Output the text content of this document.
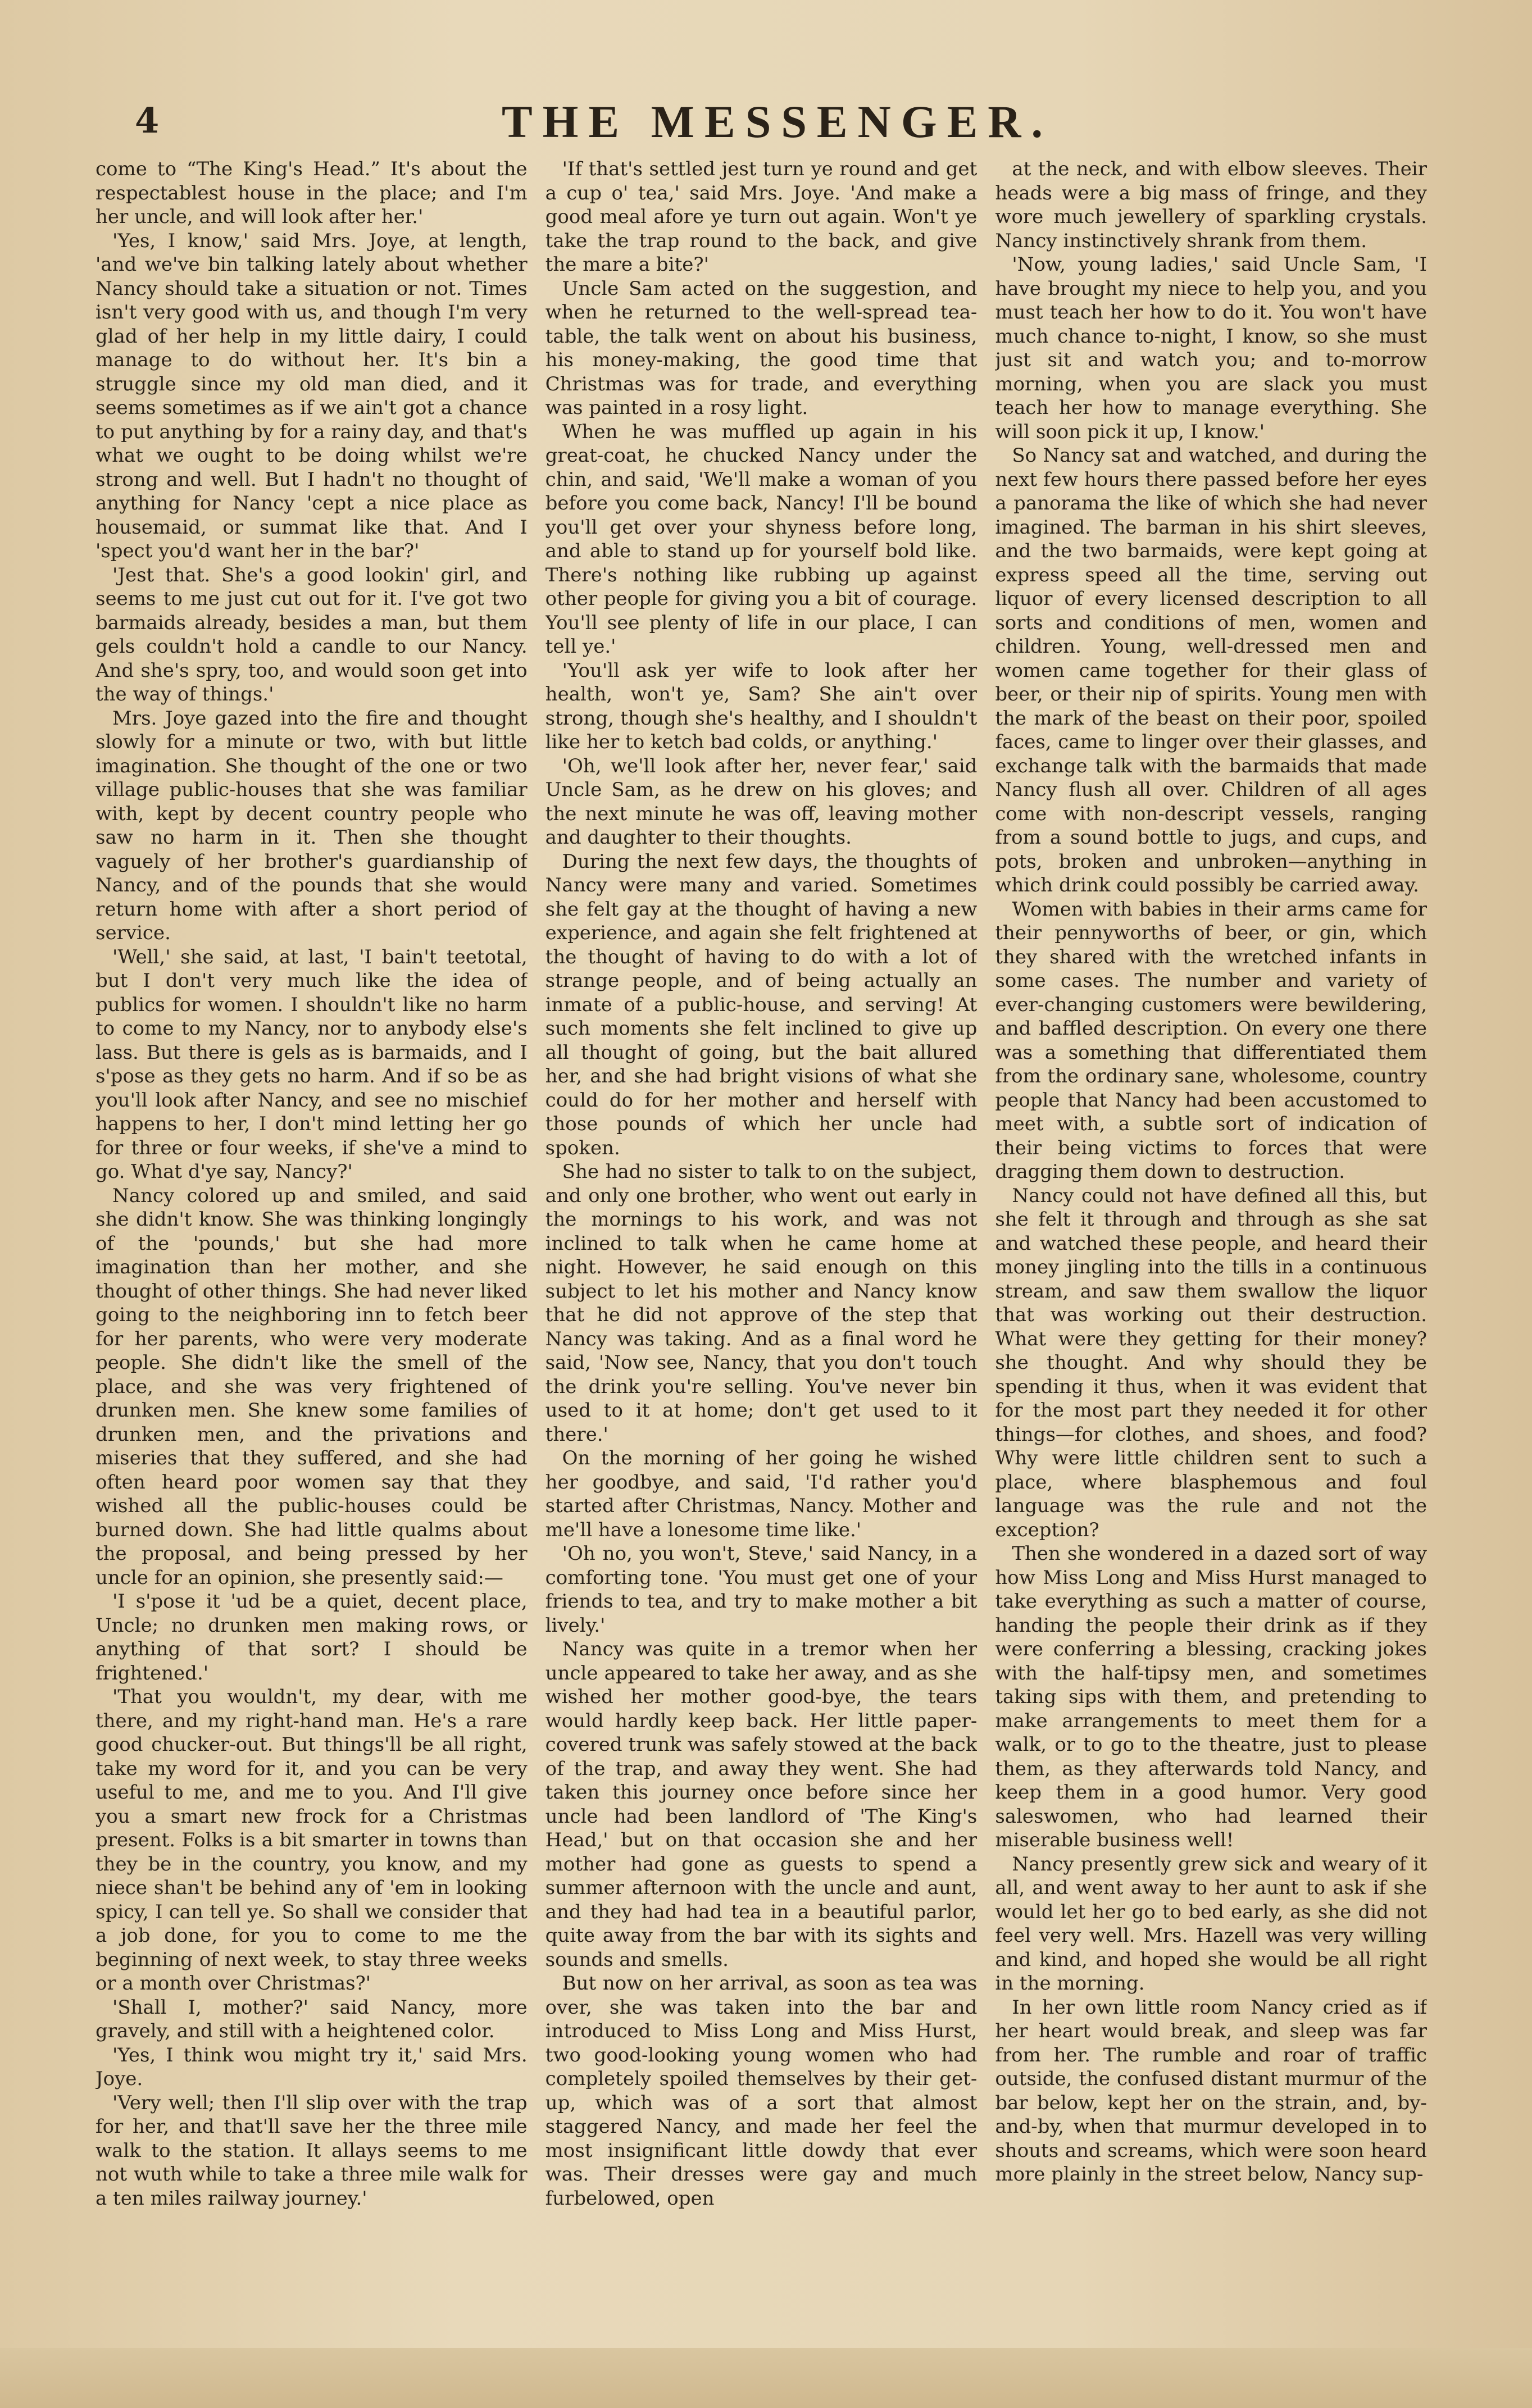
4	THE MESSENGER.

come to “The King's Head.” It's about the respectablest house in the place; and I'm her uncle, and will look after her.'

'Yes, I know,' said Mrs. Joye, at length, 'and we've bin talking lately about whether Nancy should take a situation or not. Times isn't very good with us, and though I'm very glad of her help in my little dairy, I could manage to do without her. It's bin a struggle since my old man died, and it seems sometimes as if we ain't got a chance to put anything by for a rainy day, and that's what we ought to be doing whilst we're strong and well. But I hadn't no thought of anything for Nancy 'cept a nice place as housemaid, or summat like that. And I 'spect you'd want her in the bar?'

'Jest that. She's a good lookin' girl, and seems to me just cut out for it. I've got two barmaids already, besides a man, but them gels couldn't hold a candle to our Nancy. And she's spry, too, and would soon get into the way of things.'

Mrs. Joye gazed into the fire and thought slowly for a minute or two, with but little imagination. She thought of the one or two village public-houses that she was familiar with, kept by decent country people who saw no harm in it. Then she thought vaguely of her brother's guardianship of Nancy, and of the pounds that she would return home with after a short period of service.

'Well,' she said, at last, 'I bain't teetotal, but I don't very much like the idea of publics for women. I shouldn't like no harm to come to my Nancy, nor to anybody else's lass. But there is gels as is barmaids, and I s'pose as they gets no harm. And if so be as you'll look after Nancy, and see no mischief happens to her, I don't mind letting her go for three or four weeks, if she've a mind to go. What d'ye say, Nancy?'

Nancy colored up and smiled, and said she didn't know. She was thinking longingly of the 'pounds,' but she had more imagination than her mother, and she thought of other things. She had never liked going to the neighboring inn to fetch beer for her parents, who were very moderate people. She didn't like the smell of the place, and she was very frightened of drunken men. She knew some families of drunken men, and the privations and miseries that they suffered, and she had often heard poor women say that they wished all the public-houses could be burned down. She had little qualms about the proposal, and being pressed by her uncle for an opinion, she presently said:—

'I s'pose it 'ud be a quiet, decent place, Uncle; no drunken men making rows, or anything of that sort? I should be frightened.'

'That you wouldn't, my dear, with me there, and my right-hand man. He's a rare good chucker-out. But things'll be all right, take my word for it, and you can be very useful to me, and me to you. And I'll give you a smart new frock for a Christmas present. Folks is a bit smarter in towns than they be in the country, you know, and my niece shan't be behind any of 'em in looking spicy, I can tell ye. So shall we consider that a job done, for you to come to me the beginning of next week, to stay three weeks or a month over Christmas?'

'Shall I, mother?' said Nancy, more gravely, and still with a heightened color.

'Yes, I think wou might try it,' said Mrs. Joye.

'Very well; then I'll slip over with the trap for her, and that'll save her the three mile walk to the station. It allays seems to me not wuth while to take a three mile walk for a ten miles railway journey.'

'If that's settled jest turn ye round and get a cup o' tea,' said Mrs. Joye. 'And make a good meal afore ye turn out again. Won't ye take the trap round to the back, and give the mare a bite?'

Uncle Sam acted on the suggestion, and when he returned to the well-spread tea-table, the talk went on about his business, his money-making, the good time that Christmas was for trade, and everything was painted in a rosy light.

When he was muffled up again in his great-coat, he chucked Nancy under the chin, and said, 'We'll make a woman of you before you come back, Nancy! I'll be bound you'll get over your shyness before long, and able to stand up for yourself bold like. There's nothing like rubbing up against other people for giving you a bit of courage. You'll see plenty of life in our place, I can tell ye.'

'You'll ask yer wife to look after her health, won't ye, Sam? She ain't over strong, though she's healthy, and I shouldn't like her to ketch bad colds, or anything.'

'Oh, we'll look after her, never fear,' said Uncle Sam, as he drew on his gloves; and the next minute he was off, leaving mother and daughter to their thoughts.

During the next few days, the thoughts of Nancy were many and varied. Sometimes she felt gay at the thought of having a new experience, and again she felt frightened at the thought of having to do with a lot of strange people, and of being actually an inmate of a public-house, and serving! At such moments she felt inclined to give up all thought of going, but the bait allured her, and she had bright visions of what she could do for her mother and herself with those pounds of which her uncle had spoken.

She had no sister to talk to on the subject, and only one brother, who went out early in the mornings to his work, and was not inclined to talk when he came home at night. However, he said enough on this subject to let his mother and Nancy know that he did not approve of the step that Nancy was taking. And as a final word he said, 'Now see, Nancy, that you don't touch the drink you're selling. You've never bin used to it at home; don't get used to it there.'

On the morning of her going he wished her goodbye, and said, 'I'd rather you'd started after Christmas, Nancy. Mother and me'll have a lonesome time like.'

'Oh no, you won't, Steve,' said Nancy, in a comforting tone. 'You must get one of your friends to tea, and try to make mother a bit lively.'

Nancy was quite in a tremor when her uncle appeared to take her away, and as she wished her mother good-bye, the tears would hardly keep back. Her little paper-covered trunk was safely stowed at the back of the trap, and away they went. She had taken this journey once before since her uncle had been landlord of 'The King's Head,' but on that occasion she and her mother had gone as guests to spend a summer afternoon with the uncle and aunt, and they had had tea in a beautiful parlor, quite away from the bar with its sights and sounds and smells.

But now on her arrival, as soon as tea was over, she was taken into the bar and introduced to Miss Long and Miss Hurst, two good-looking young women who had completely spoiled themselves by their get-up, which was of a sort that almost staggered Nancy, and made her feel the most insignificant little dowdy that ever was. Their dresses were gay and much furbelowed, open

at the neck, and with elbow sleeves. Their heads were a big mass of fringe, and they wore much jewellery of sparkling crystals. Nancy instinctively shrank from them.

'Now, young ladies,' said Uncle Sam, 'I have brought my niece to help you, and you must teach her how to do it. You won't have much chance to-night, I know, so she must just sit and watch you; and to-morrow morning, when you are slack you must teach her how to manage everything. She will soon pick it up, I know.'

So Nancy sat and watched, and during the next few hours there passed before her eyes a panorama the like of which she had never imagined. The barman in his shirt sleeves, and the two barmaids, were kept going at express speed all the time, serving out liquor of every licensed description to all sorts and conditions of men, women and children. Young, well-dressed men and women came together for their glass of beer, or their nip of spirits. Young men with the mark of the beast on their poor, spoiled faces, came to linger over their glasses, and exchange talk with the barmaids that made Nancy flush all over. Children of all ages come with non-descript vessels, ranging from a sound bottle to jugs, and cups, and pots, broken and unbroken—anything in which drink could possibly be carried away.

Women with babies in their arms came for their pennyworths of beer, or gin, which they shared with the wretched infants in some cases. The number and variety of ever-changing customers were bewildering, and baffled description. On every one there was a something that differentiated them from the ordinary sane, wholesome, country people that Nancy had been accustomed to meet with, a subtle sort of indication of their being victims to forces that were dragging them down to destruction.

Nancy could not have defined all this, but she felt it through and through as she sat and watched these people, and heard their money jingling into the tills in a continuous stream, and saw them swallow the liquor that was working out their destruction. What were they getting for their money? she thought. And why should they be spending it thus, when it was evident that for the most part they needed it for other things—for clothes, and shoes, and food? Why were little children sent to such a place, where blasphemous and foul language was the rule and not the exception?

Then she wondered in a dazed sort of way how Miss Long and Miss Hurst managed to take everything as such a matter of course, handing the people their drink as if they were conferring a blessing, cracking jokes with the half-tipsy men, and sometimes taking sips with them, and pretending to make arrangements to meet them for a walk, or to go to the theatre, just to please them, as they afterwards told Nancy, and keep them in a good humor. Very good saleswomen, who had learned their miserable business well!

Nancy presently grew sick and weary of it all, and went away to her aunt to ask if she would let her go to bed early, as she did not feel very well. Mrs. Hazell was very willing and kind, and hoped she would be all right in the morning.

In her own little room Nancy cried as if her heart would break, and sleep was far from her. The rumble and roar of traffic outside, the confused distant murmur of the bar below, kept her on the strain, and, by-and-by, when that murmur developed in to shouts and screams, which were soon heard more plainly in the street below, Nancy sup-
